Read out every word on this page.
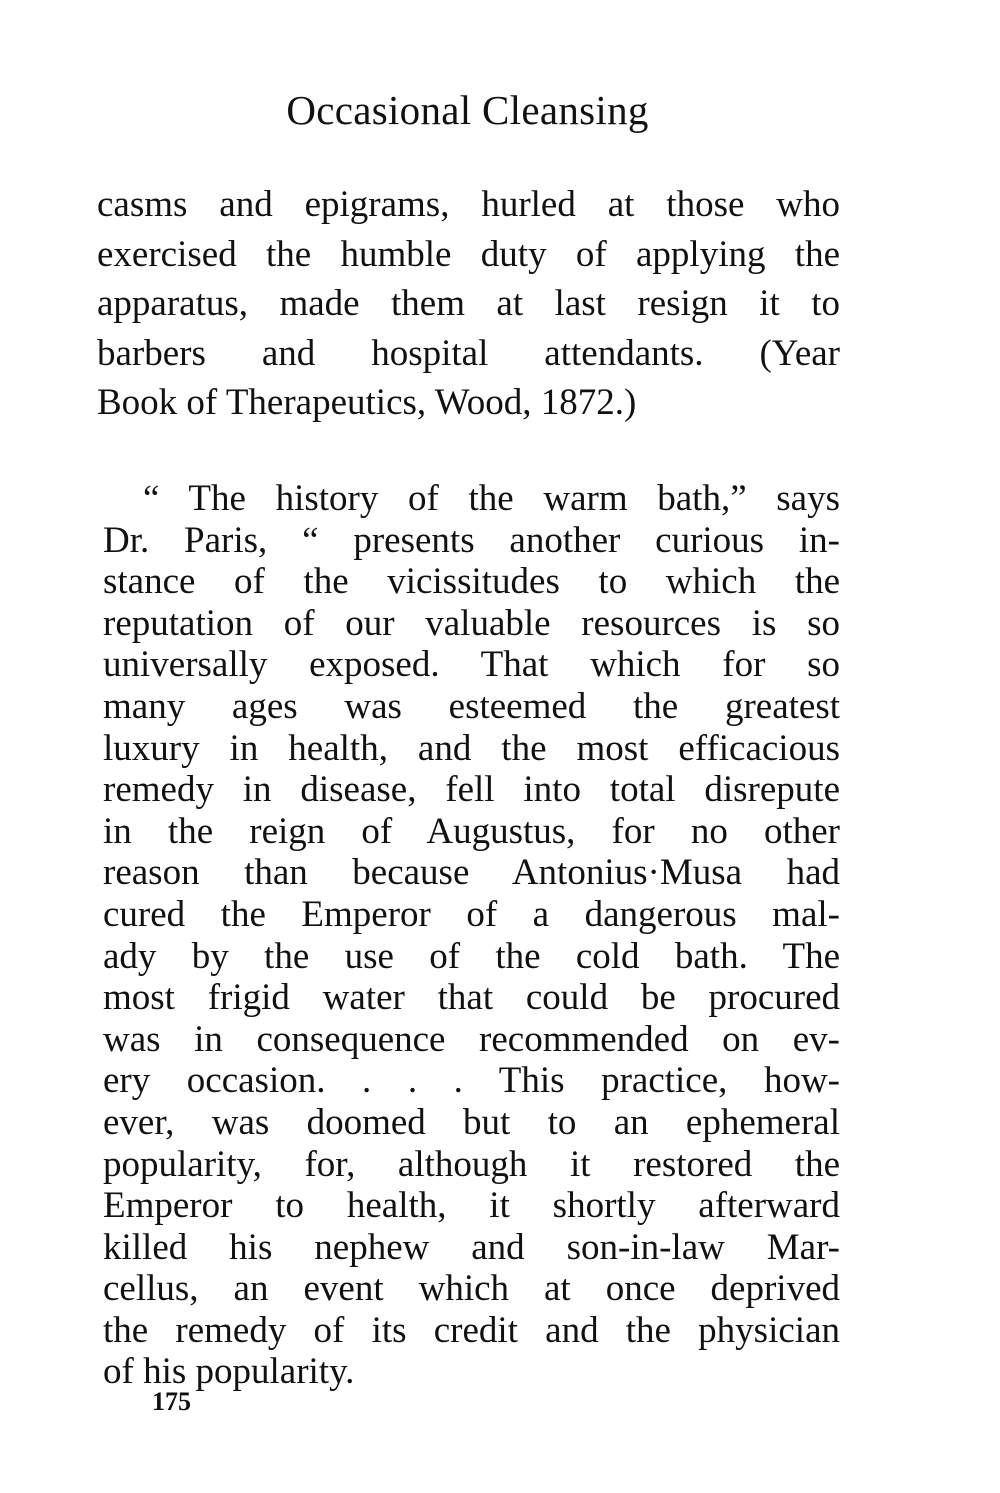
Occasional Cleansing

casms and epigrams, hurled at those who
exercised the humble duty of applying the
apparatus, made them at last resign it to
barbers and hospital attendants. (Year
Book of Therapeutics, Wood, 1872.)

“ The history of the warm bath,” says
Dr. Paris, “ presents another curious in-
stance of the vicissitudes to which the
reputation of our valuable resources is so
universally exposed. That which for so
many ages was esteemed the greatest
luxury in health, and the most efficacious
remedy in disease, fell into total disrepute
in the reign of Augustus, for no other
reason than because Antonius·Musa had
cured the Emperor of a dangerous mal-
ady by the use of the cold bath. The
most frigid water that could be procured
was in consequence recommended on ev-
ery occasion. . . . This practice, how-
ever, was doomed but to an ephemeral
popularity, for, although it restored the
Emperor to health, it shortly afterward
killed his nephew and son-in-law Mar-
cellus, an event which at once deprived
the remedy of its credit and the physician
of his popularity.

175
